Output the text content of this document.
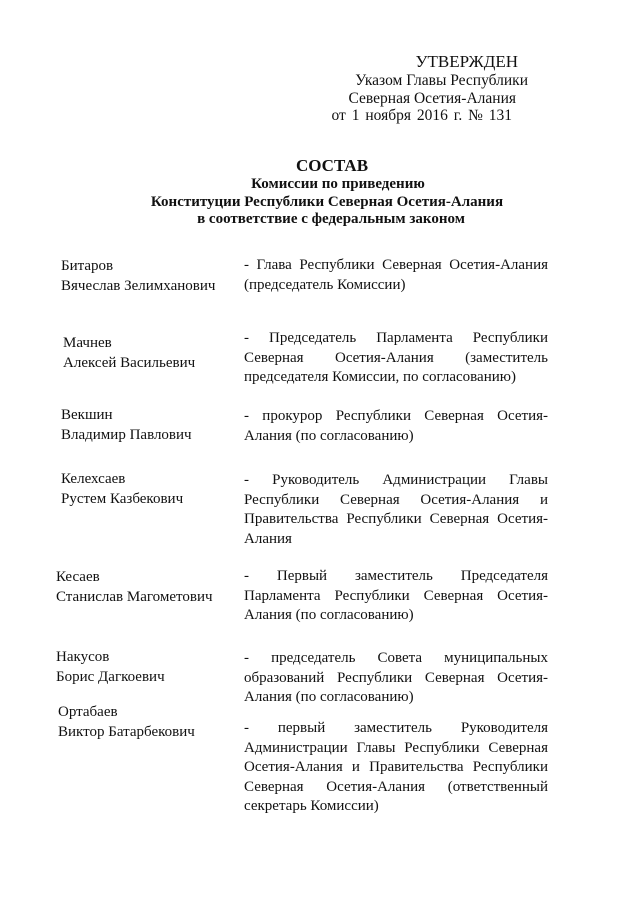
УТВЕРЖДЕН
Указом Главы Республики
Северная Осетия-Алания
от 1 ноября 2016 г. № 131
СОСТАВ
Комиссии по приведению
Конституции Республики Северная Осетия-Алания
в соответствие с федеральным законом
Битаров
Вячеслав Зелимханович
- Глава Республики Северная Осетия-Алания (председатель Комиссии)
Мачнев
Алексей Васильевич
- Председатель Парламента Республики Северная Осетия-Алания (заместитель председателя Комиссии, по согласованию)
Векшин
Владимир Павлович
- прокурор Республики Северная Осетия-Алания (по согласованию)
Келехсаев
Рустем Казбекович
- Руководитель Администрации Главы Республики Северная Осетия-Алания и Правительства Республики Северная Осетия-Алания
Кесаев
Станислав Магометович
- Первый заместитель Председателя Парламента Республики Северная Осетия-Алания (по согласованию)
Накусов
Борис Дагкоевич
- председатель Совета муниципальных образований Республики Северная Осетия-Алания (по согласованию)
Ортабаев
Виктор Батарбекович	- первый заместитель Руководителя Администрации Главы Республики Северная Осетия-Алания и Правительства Республики Северная Осетия-Алания (ответственный секретарь Комиссии)
